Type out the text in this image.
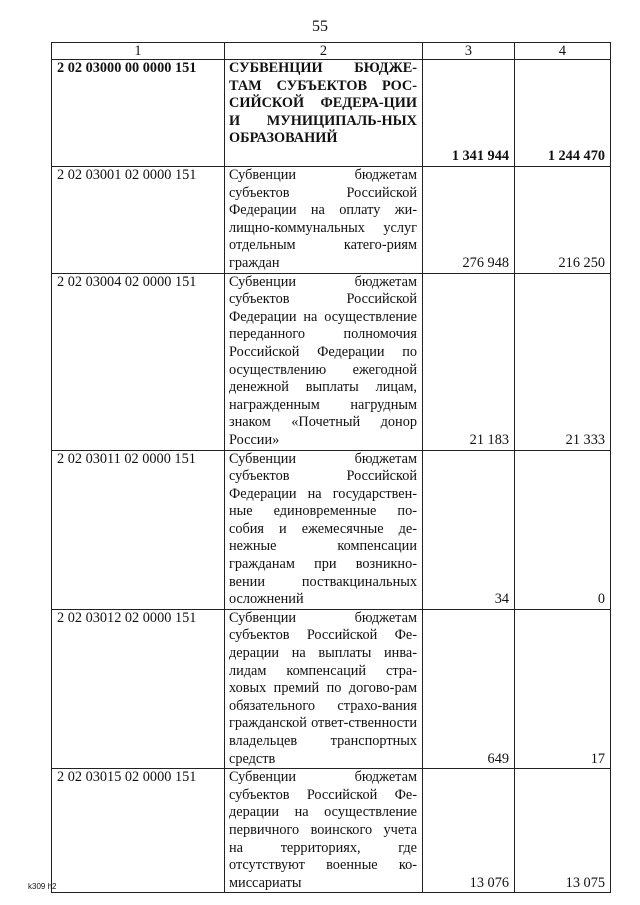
55
1	2	3	4
2 02 03000 00 0000 151	СУБВЕНЦИИ БЮДЖЕ-ТАМ СУБЪЕКТОВ РОС-СИЙСКОЙ ФЕДЕРА-ЦИИ И МУНИЦИПАЛЬ-НЫХ ОБРАЗОВАНИЙ	1 341 944	1 244 470
2 02 03001 02 0000 151	Субвенции бюджетам субъектов Российской Федерации на оплату жи-лищно-коммунальных услуг отдельным катего-риям граждан	276 948	216 250
2 02 03004 02 0000 151	Субвенции бюджетам субъектов Российской Федерации на осуществление переданного полномочия Российской Федерации по осуществлению ежегодной денежной выплаты лицам, награжденным нагрудным знаком «Почетный донор России»	21 183	21 333
2 02 03011 02 0000 151	Субвенции бюджетам субъектов Российской Федерации на государствен-ные единовременные по-собия и ежемесячные де-нежные компенсации гражданам при возникно-вении поствакцинальных осложнений	34	0
2 02 03012 02 0000 151	Субвенции бюджетам субъектов Российской Фе-дерации на выплаты инва-лидам компенсаций стра-ховых премий по догово-рам обязательного страхо-вания гражданской ответ-ственности владельцев транспортных средств	649	17
2 02 03015 02 0000 151	Субвенции бюджетам субъектов Российской Фе-дерации на осуществление первичного воинского учета на территориях, где отсутствуют военные ко-миссариаты	13 076	13 075
k309 h2
